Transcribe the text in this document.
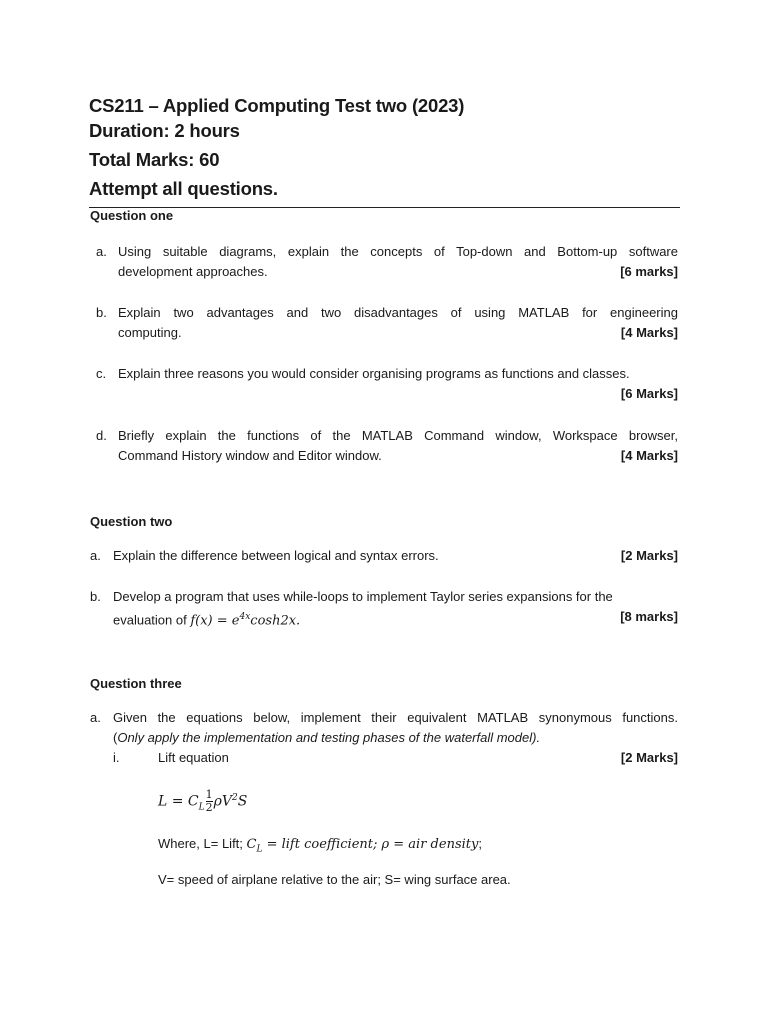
CS211 – Applied Computing Test two (2023)
Duration: 2 hours
Total Marks: 60
Attempt all questions.
Question one
a. Using suitable diagrams, explain the concepts of Top-down and Bottom-up software
development approaches.	[6 marks]
b. Explain two advantages and two disadvantages of using MATLAB for engineering
computing.	[4 Marks]
c. Explain three reasons you would consider organising programs as functions and classes.
[6 Marks]
d. Briefly explain the functions of the MATLAB Command window, Workspace browser,
Command History window and Editor window.	[4 Marks]
Question two
a. Explain the difference between logical and syntax errors.	[2 Marks]
b. Develop a program that uses while-loops to implement Taylor series expansions for the
evaluation of $f(x) = e^{4x}\cosh 2x$.	[8 marks]
Question three
a. Given the equations below, implement their equivalent MATLAB synonymous functions.
(Only apply the implementation and testing phases of the waterfall model).
i.	Lift equation	[2 Marks]
$L = C_L \frac{1}{2} \rho V^2S$
Where, L= Lift; $C_L$ = lift coefficient; ρ = air density;
V= speed of airplane relative to the air; S= wing surface area.
